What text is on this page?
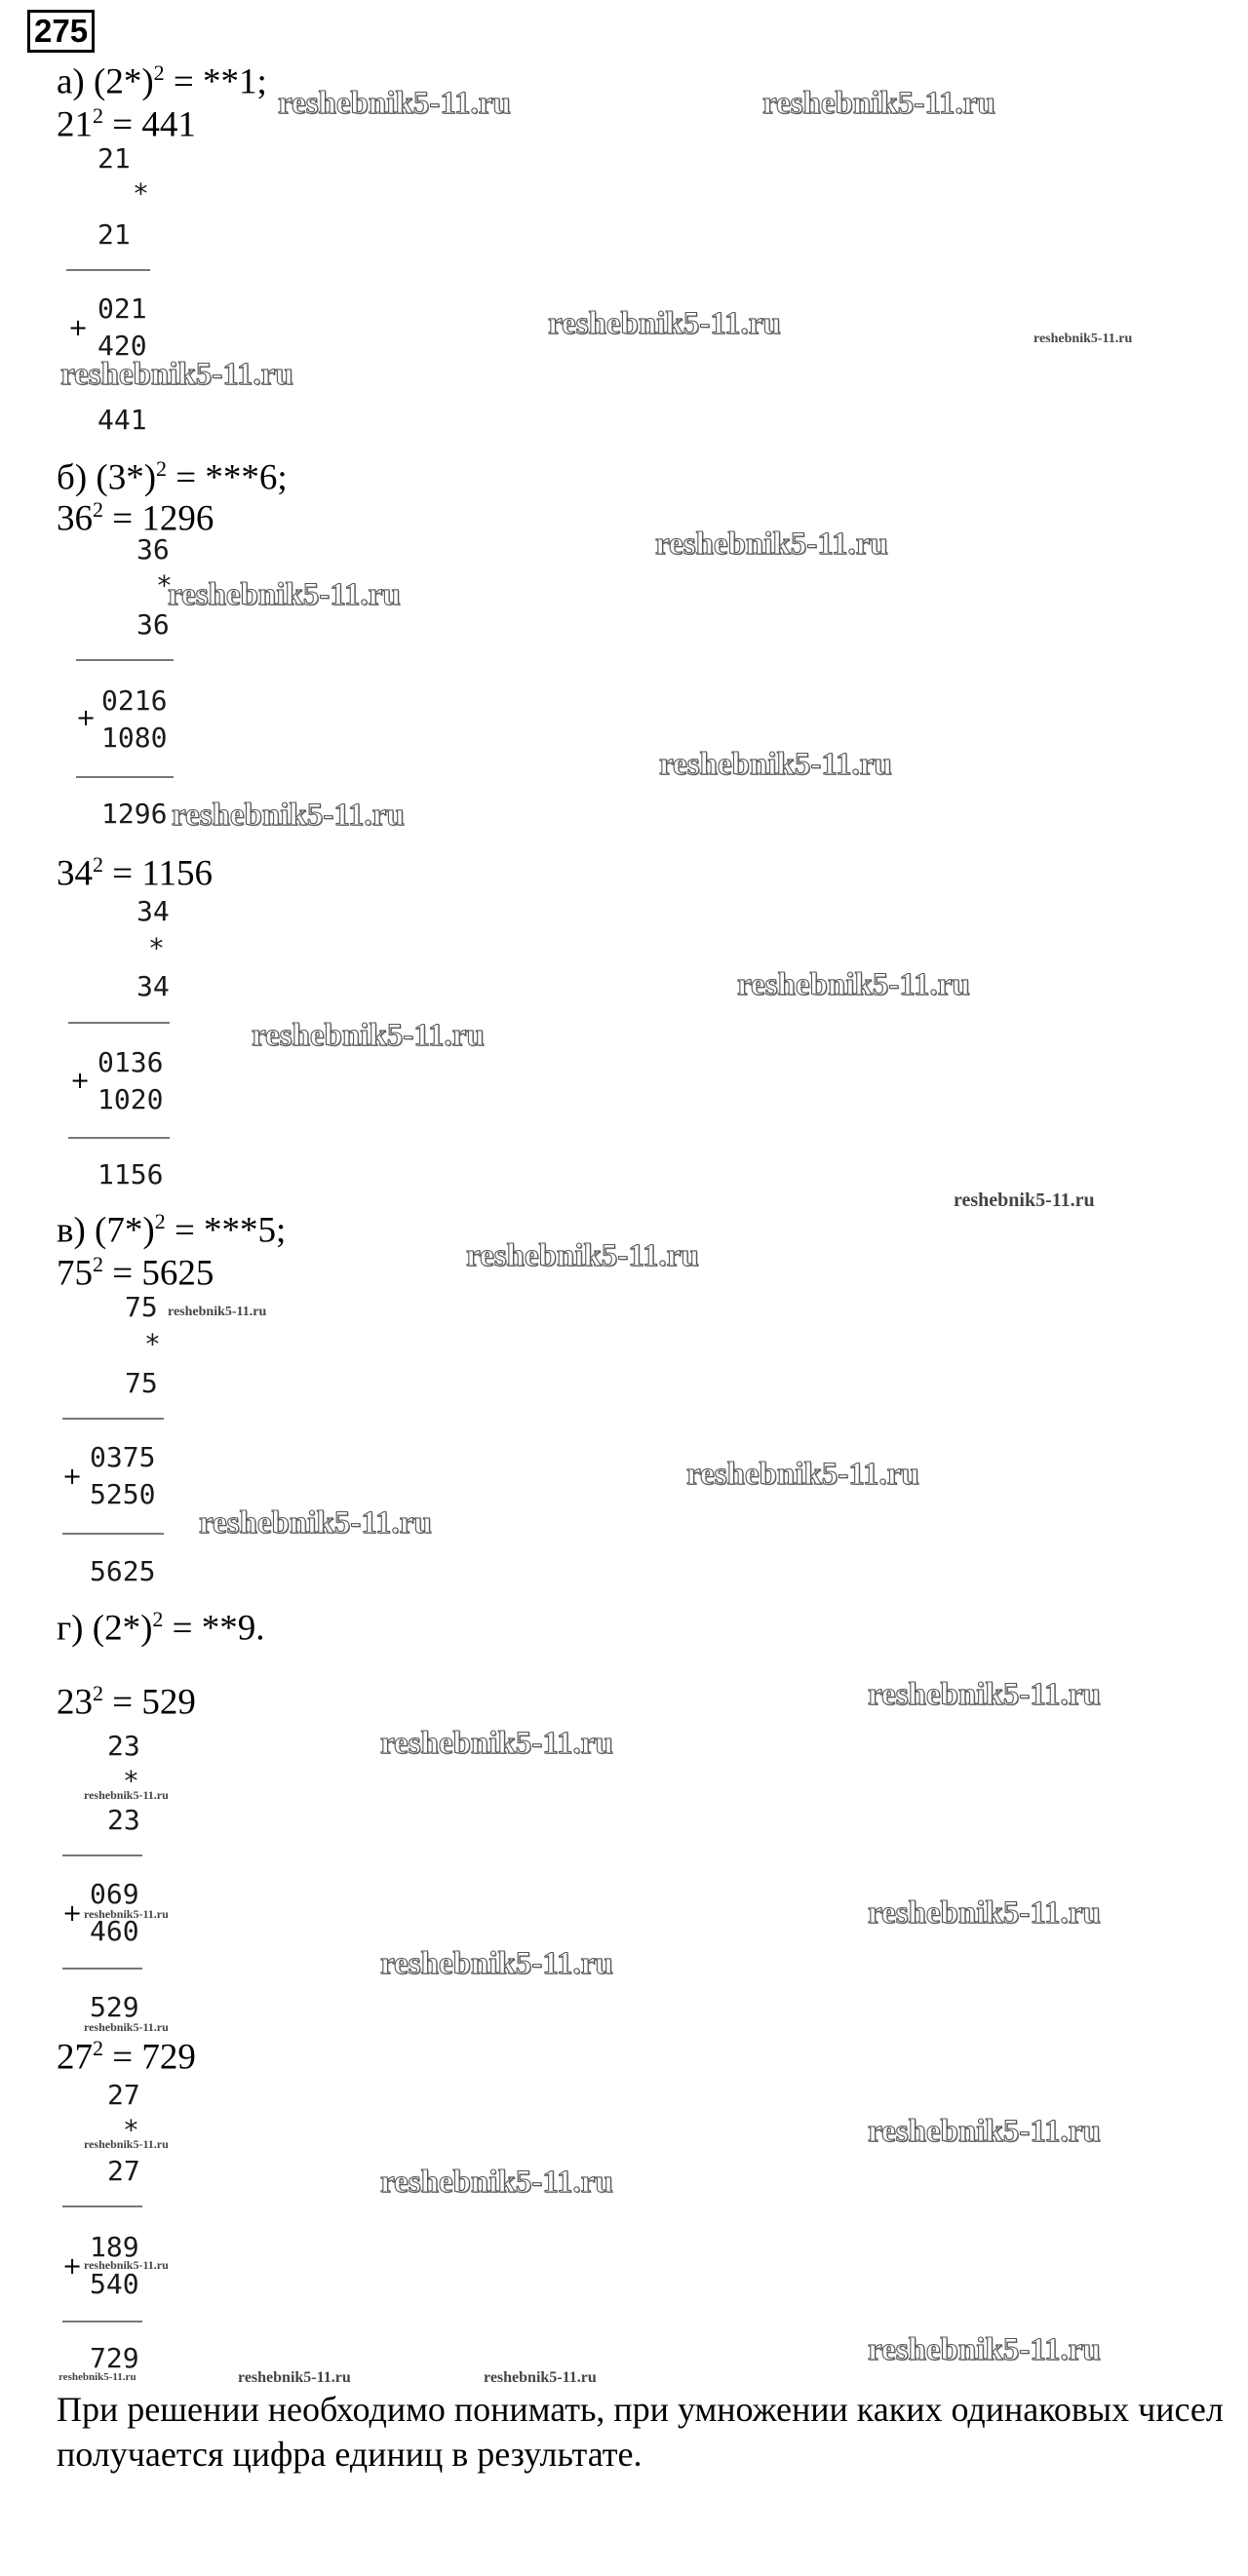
275
а) $(2*)^2 = **1$;
$21^2 = 441$
21
*
21
021
+
420
441
б) $(3*)^2 = ***6$;
$36^2 = 1296$
36
*
36
0216
+
1080
1296
$34^2 = 1156$
34
*
34
0136
+
1020
1156
в) $(7*)^2 = ***5$;
$75^2 = 5625$
75
*
75
0375
+
5250
5625
г) $(2*)^2 = **9$.
$23^2 = 529$
23
*
23
069
+
460
529
$27^2 = 729$
27
*
27
189
+
540
729
При решении необходимо понимать, при умножении каких одинаковых чисел получается цифра единиц в результате.
reshebnik5-11.ru	reshebnik5-11.ru
reshebnik5-11.ru	reshebnik5-11.ru
reshebnik5-11.ru
reshebnik5-11.ru
reshebnik5-11.ru
reshebnik5-11.ru
reshebnik5-11.ru
reshebnik5-11.ru
reshebnik5-11.ru
reshebnik5-11.ru
reshebnik5-11.ru
reshebnik5-11.ru
reshebnik5-11.ru
reshebnik5-11.ru
reshebnik5-11.ru
reshebnik5-11.ru
reshebnik5-11.ru
reshebnik5-11.ru	reshebnik5-11.ru
reshebnik5-11.ru
reshebnik5-11.ru
reshebnik5-11.ru	reshebnik5-11.ru
reshebnik5-11.ru
reshebnik5-11.ru
reshebnik5-11.ru
reshebnik5-11.ru	reshebnik5-11.ru	reshebnik5-11.ru
